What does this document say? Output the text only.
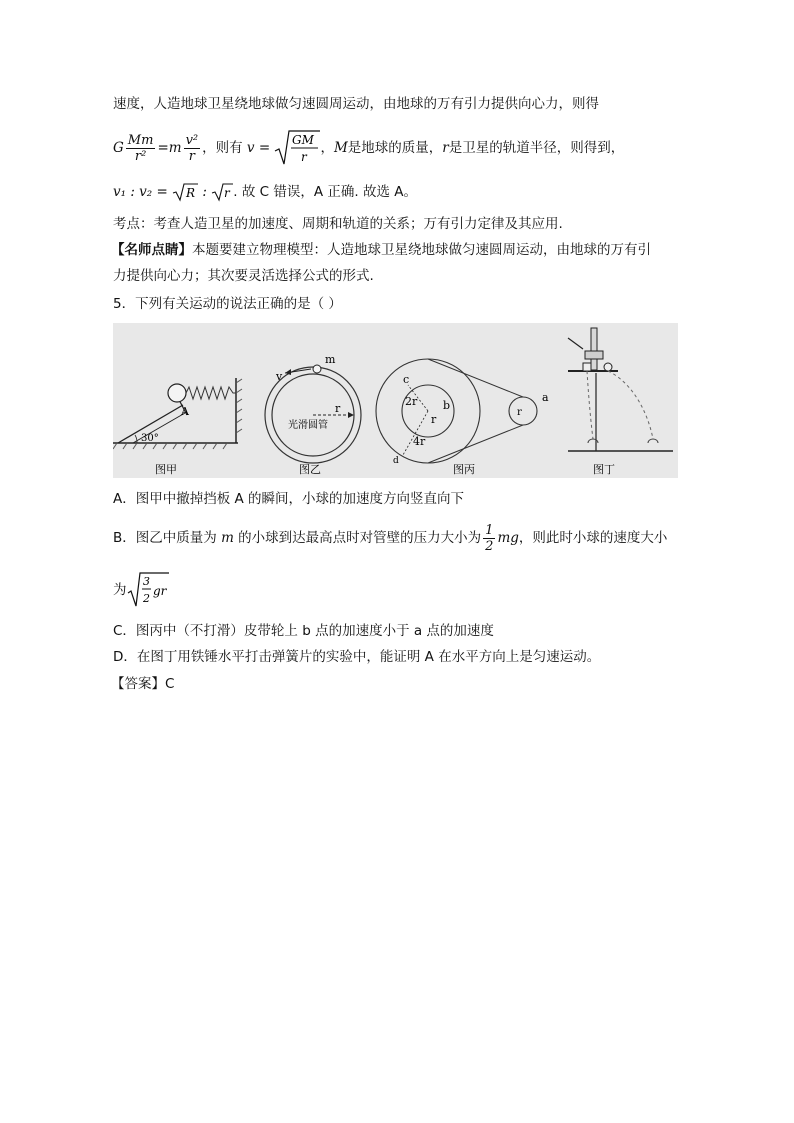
速度，人造地球卫星绕地球做匀速圆周运动，由地球的万有引力提供向心力，则得
G $\frac{Mm}{\text{r²}} =m \frac{\text{v²}}{r}$ ，则有 v = GM
r
，M是地球的质量，r是卫星的轨道半径，则得到，
v₁ : v₂ = R : r . 故 C 错误，A 正确. 故选 A。
考点：考查人造卫星的加速度、周期和轨道的关系；万有引力定律及其应用.
【名师点睛】本题要建立物理模型：人造地球卫星绕地球做匀速圆周运动，由地球的万有引
力提供向心力；其次要灵活选择公式的形式.
5．下列有关运动的说法正确的是（ ）
A
30°
图甲
v
m
r
光滑圆管
图乙
c
2r b
r
4r
d
a
r
图丙	图丁
A．图甲中撤掉挡板 A 的瞬间，小球的加速度方向竖直向下
B．图乙中质量为 m 的小球到达最高点时对管壁的压力大小为 $\frac{1}{2}$ mg，则此时小球的速度大小
为
3
2
gr
C．图丙中（不打滑）皮带轮上 b 点的加速度小于 a 点的加速度
D．在图丁用铁锤水平打击弹簧片的实验中，能证明 A 在水平方向上是匀速运动。
【答案】C
